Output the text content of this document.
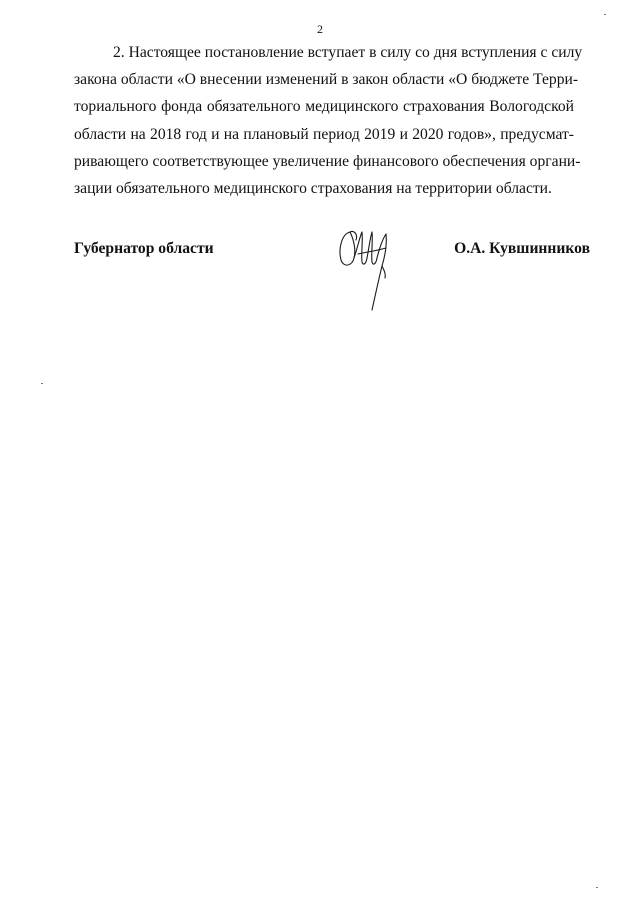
2
2. Настоящее постановление вступает в силу со дня вступления с силу
закона области «О внесении изменений в закон области «О бюджете Терри-
ториального фонда обязательного медицинского страхования Вологодской
области на 2018 год и на плановый период 2019 и 2020 годов», предусмат-
ривающего соответствующее увеличение финансового обеспечения органи-
зации обязательного медицинского страхования на территории области.
Губернатор области	О.А. Кувшинников
